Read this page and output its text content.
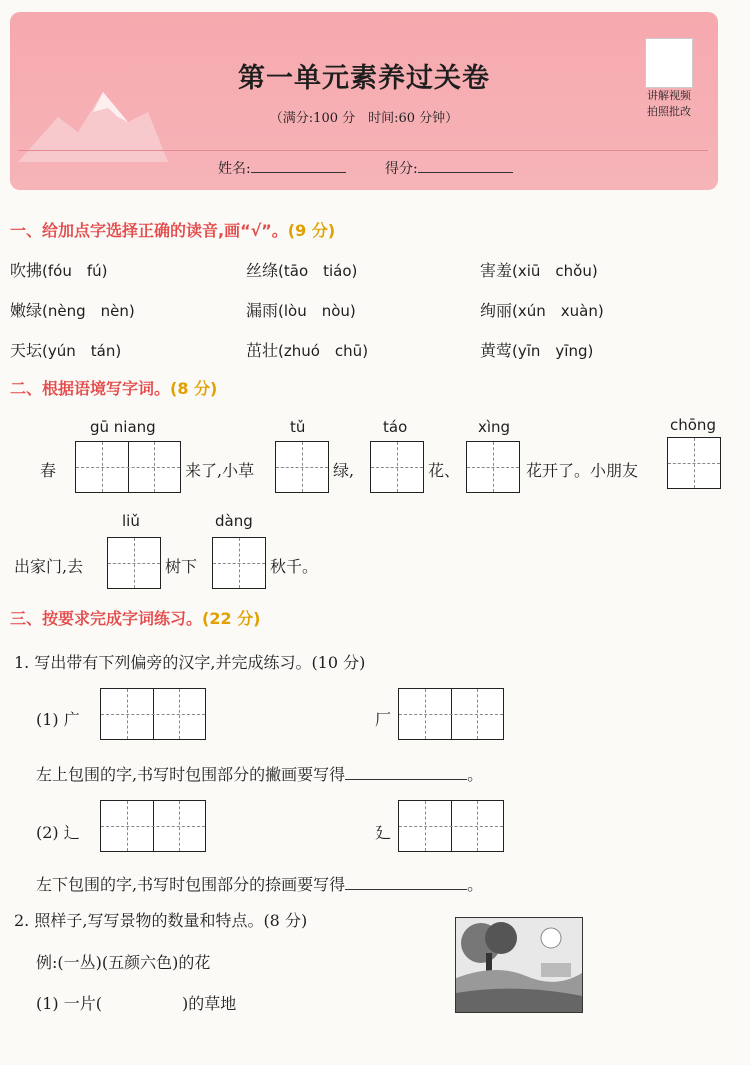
第一单元素养过关卷
（满分:100 分　时间:60 分钟）
讲解视频
拍照批改
姓名:	得分:
一、给加点字选择正确的读音,画“√”。(9 分)
吹拂(fóu　fú)	丝绦(tāo　tiáo)	害羞(xiū　chǒu)
嫩绿(nèng　nèn)	漏雨(lòu　nòu)	绚丽(xún　xuàn)
天坛(yún　tán)	茁壮(zhuó　chū)	黄莺(yīn　yīng)
二、根据语境写字词。(8 分)
gū niang	tǔ	táo	xìng	chōng
春	来了,小草	绿,	花、	花开了。小朋友
liǔ	dàng
出家门,去	树下	秋千。
三、按要求完成字词练习。(22 分)
1. 写出带有下列偏旁的汉字,并完成练习。(10 分)
(1) 广	厂
左上包围的字,书写时包围部分的撇画要写得	。
(2) 辶	廴
左下包围的字,书写时包围部分的捺画要写得	。
2. 照样子,写写景物的数量和特点。(8 分)
例:(一丛)(五颜六色)的花
(1) 一片(　　　　　)的草地
